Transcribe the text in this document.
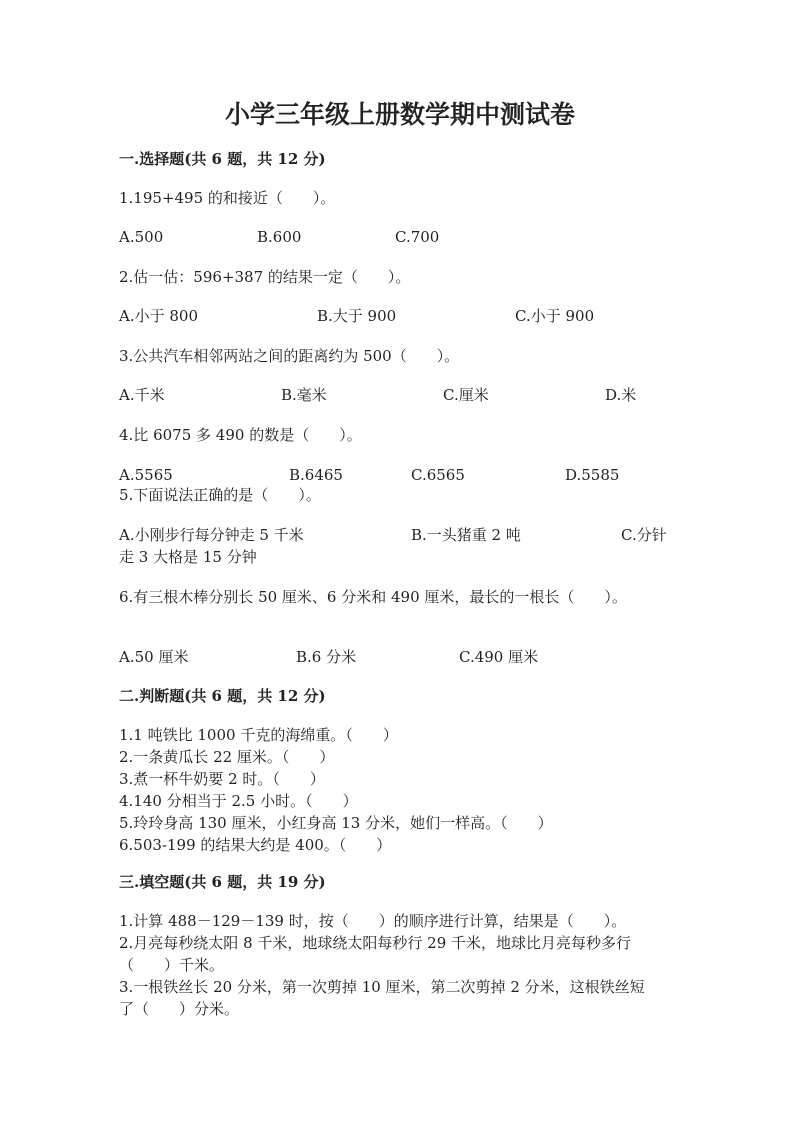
小学三年级上册数学期中测试卷
一.选择题(共 6 题，共 12 分)
1.195+495 的和接近（　　）。
A.500	B.600	C.700
2.估一估：596+387 的结果一定（　　）。
A.小于 800	B.大于 900	C.小于 900
3.公共汽车相邻两站之间的距离约为 500（　　）。
A.千米	B.毫米	C.厘米	D.米
4.比 6075 多 490 的数是（　　）。
A.5565	B.6465	C.6565	D.5585
5.下面说法正确的是（　　）。
A.小刚步行每分钟走 5 千米	B.一头猪重 2 吨	C.分针
走 3 大格是 15 分钟
6.有三根木棒分别长 50 厘米、6 分米和 490 厘米，最长的一根长（　　）。
A.50 厘米	B.6 分米	C.490 厘米
二.判断题(共 6 题，共 12 分)
1.1 吨铁比 1000 千克的海绵重。（　　）
2.一条黄瓜长 22 厘米。（　　）
3.煮一杯牛奶要 2 时。（　　）
4.140 分相当于 2.5 小时。（　　）
5.玲玲身高 130 厘米，小红身高 13 分米，她们一样高。（　　）
6.503-199 的结果大约是 400。（　　）
三.填空题(共 6 题，共 19 分)
1.计算 488－129－139 时，按（　　）的顺序进行计算，结果是（　　）。
2.月亮每秒绕太阳 8 千米，地球绕太阳每秒行 29 千米，地球比月亮每秒多行
（　　）千米。
3.一根铁丝长 20 分米，第一次剪掉 10 厘米，第二次剪掉 2 分米，这根铁丝短
了（　　）分米。
